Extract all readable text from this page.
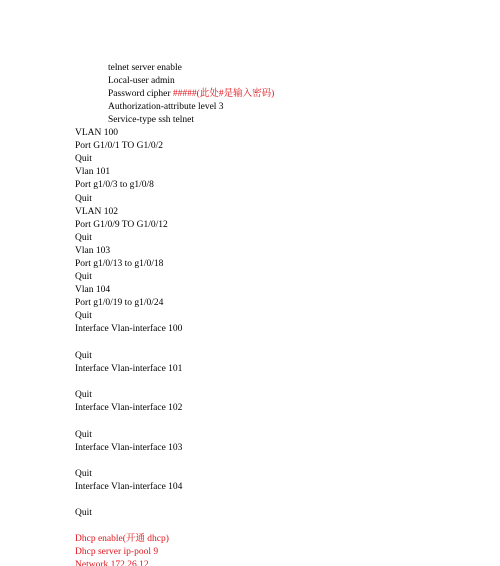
telnet server enable
Local-user admin
Password cipher #####(此处#是输入密码)
Authorization-attribute level 3
Service-type ssh telnet
VLAN 100
Port G1/0/1 TO G1/0/2
Quit
Vlan 101
Port g1/0/3 to g1/0/8
Quit
VLAN 102
Port G1/0/9 TO G1/0/12
Quit
Vlan 103
Port g1/0/13 to g1/0/18
Quit
Vlan 104
Port g1/0/19 to g1/0/24
Quit
Interface Vlan-interface 100
Quit
Interface Vlan-interface 101
Quit
Interface Vlan-interface 102
Quit
Interface Vlan-interface 103
Quit
Interface Vlan-interface 104
Quit
Dhcp enable(开通 dhcp)
Dhcp server ip-pool 9
Network 172.26.12
